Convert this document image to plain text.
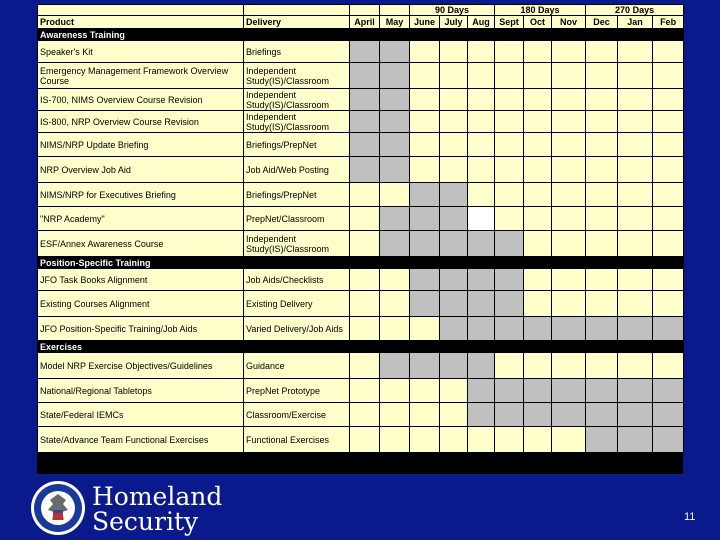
				90 Days			180 Days			270 Days		
Product	Delivery	April	May	June	July	Aug	Sept	Oct	Nov	Dec	Jan	Feb
Awareness Training												
Speaker's Kit	Briefings											
Emergency Management Framework Overview Course	Independent Study(IS)/Classroom											
IS-700, NIMS Overview Course Revision	Independent Study(IS)/Classroom											
IS-800, NRP Overview Course Revision	Independent Study(IS)/Classroom											
NIMS/NRP Update Briefing	Briefings/PrepNet											
NRP Overview Job Aid	Job Aid/Web Posting											
NIMS/NRP for Executives Briefing	Briefings/PrepNet											
"NRP Academy"	PrepNet/Classroom											
ESF/Annex Awareness Course	Independent Study(IS)/Classroom											
Position-Specific Training												
JFO Task Books Alignment	Job Aids/Checklists											
Existing Courses Alignment	Existing Delivery											
JFO Position-Specific Training/Job Aids	Varied Delivery/Job Aids											
Exercises												
Model NRP Exercise Objectives/Guidelines	Guidance											
National/Regional Tabletops	PrepNet Prototype											
State/Federal IEMCs	Classroom/Exercise											
State/Advance Team Functional Exercises	Functional Exercises											
Homeland
Security	11
